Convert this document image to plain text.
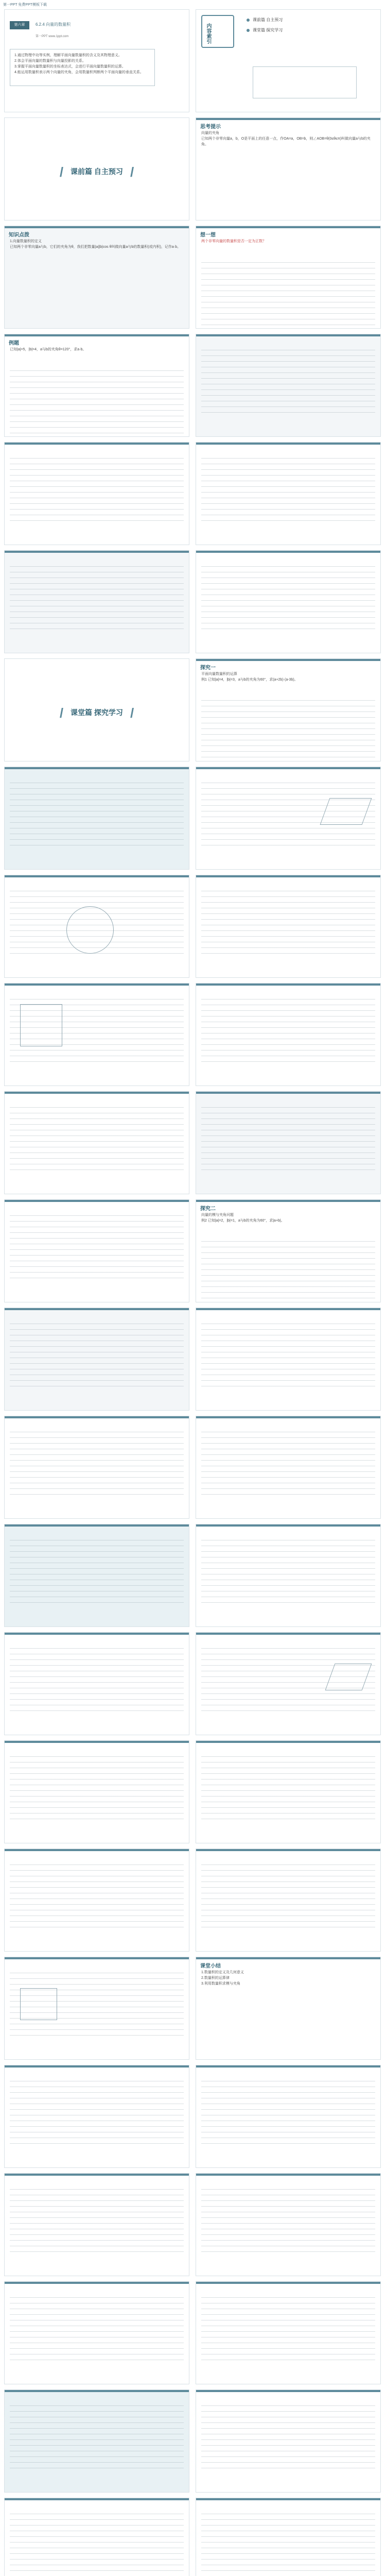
第一PPT 免费PPT模板下载
第六章	6.2.4 向量的数量积
第一PPT www.1ppt.com
1.通过物理中功等实例，理解平面向量数量积的含义及其物理意义。
2.体会平面向量的数量积与向量投影的关系。
3.掌握平面向量数量积的坐标表达式，会进行平面向量数量积的运算。
4.能运用数量积表示两个向量的夹角，会用数量积判断两个平面向量的垂直关系。
内容索引
课前篇 自主预习
课堂篇 探究学习
/ 课前篇 自主预习 /
思考提示
向量的夹角
已知两个非零向量a，b，O是平面上的任意一点，作OA=a，OB=b，则∠AOB=θ(0≤θ≤π)叫做向量a与b的夹角。
知识点拨
1.向量数量积的定义
已知两个非零向量a与b，它们的夹角为θ，我们把数量|a||b|cos θ叫做向量a与b的数量积(或内积)，记作a·b。
想一想
两个非零向量的数量积是否一定为正数？
例题
已知|a|=5，|b|=4，a与b的夹角θ=120°，求a·b。
/ 课堂篇 探究学习 /
探究一
平面向量数量积的运算
例1 已知|a|=4，|b|=3，a与b的夹角为60°，求(a+2b)·(a-3b)。
探究二
向量的模与夹角问题
例2 已知|a|=2，|b|=1，a与b的夹角为60°，求|a+b|。
课堂小结
1.数量积的定义及几何意义
2.数量积的运算律
3.利用数量积求模与夹角
